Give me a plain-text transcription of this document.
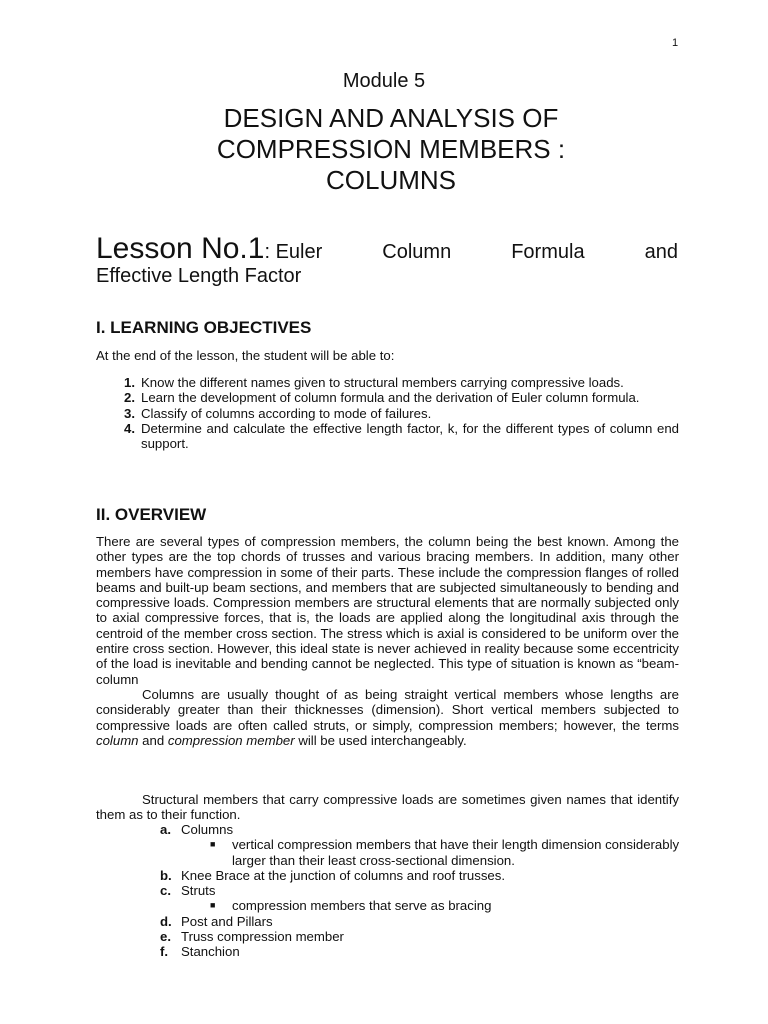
1
Module 5
DESIGN AND ANALYSIS OF
COMPRESSION MEMBERS :
COLUMNS
Lesson No.1: Euler	Column	Formula	and
Effective Length Factor
I. LEARNING OBJECTIVES
At the end of the lesson, the student will be able to:
1. Know the different names given to structural members carrying compressive loads.
2. Learn the development of column formula and the derivation of Euler column formula.
3. Classify of columns according to mode of failures.
4. Determine and calculate the effective length factor, k, for the different types of column end support.
II. OVERVIEW

There are several types of compression members, the column being the best known. Among the other types are the top chords of trusses and various bracing members. In addition, many other members have compression in some of their parts. These include the compression flanges of rolled beams and built-up beam sections, and members that are subjected simultaneously to bending and compressive loads. Compression members are structural elements that are normally subjected only to axial compressive forces, that is, the loads are applied along the longitudinal axis through the centroid of the member cross section. The stress which is axial is considered to be uniform over the entire cross section. However, this ideal state is never achieved in reality because some eccentricity of the load is inevitable and bending cannot be neglected. This type of situation is known as “beam-column

Columns are usually thought of as being straight vertical members whose lengths are considerably greater than their thicknesses (dimension). Short vertical members subjected to compressive loads are often called struts, or simply, compression members; however, the terms column and compression member will be used interchangeably.

Structural members that carry compressive loads are sometimes given names that identify them as to their function.
a. Columns
■	vertical compression members that have their length dimension considerably larger than their least cross-sectional dimension.
b. Knee Brace at the junction of columns and roof trusses.
c. Struts
■	compression members that serve as bracing
d. Post and Pillars
e. Truss compression member
f. Stanchion
